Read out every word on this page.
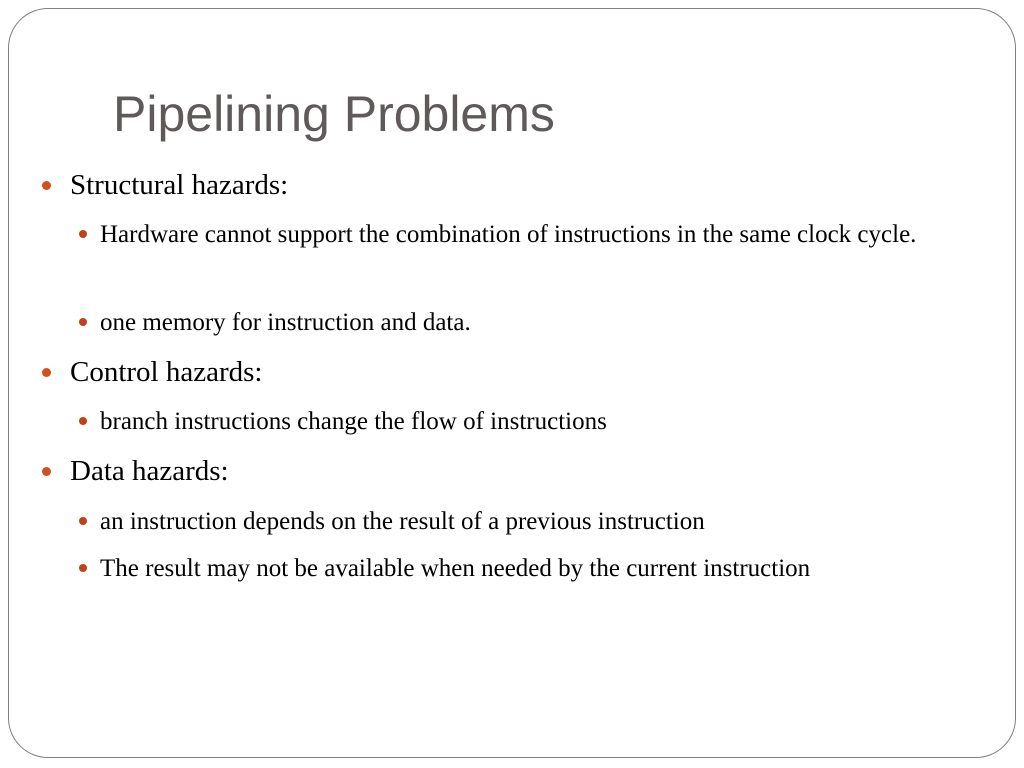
Pipelining Problems
Structural hazards:
Hardware cannot support the combination of instructions in the same clock cycle.
one memory for instruction and data.
Control hazards:
branch instructions change the flow of instructions
Data hazards:
an instruction depends on the result of a previous instruction
The result may not be available when needed by the current instruction
